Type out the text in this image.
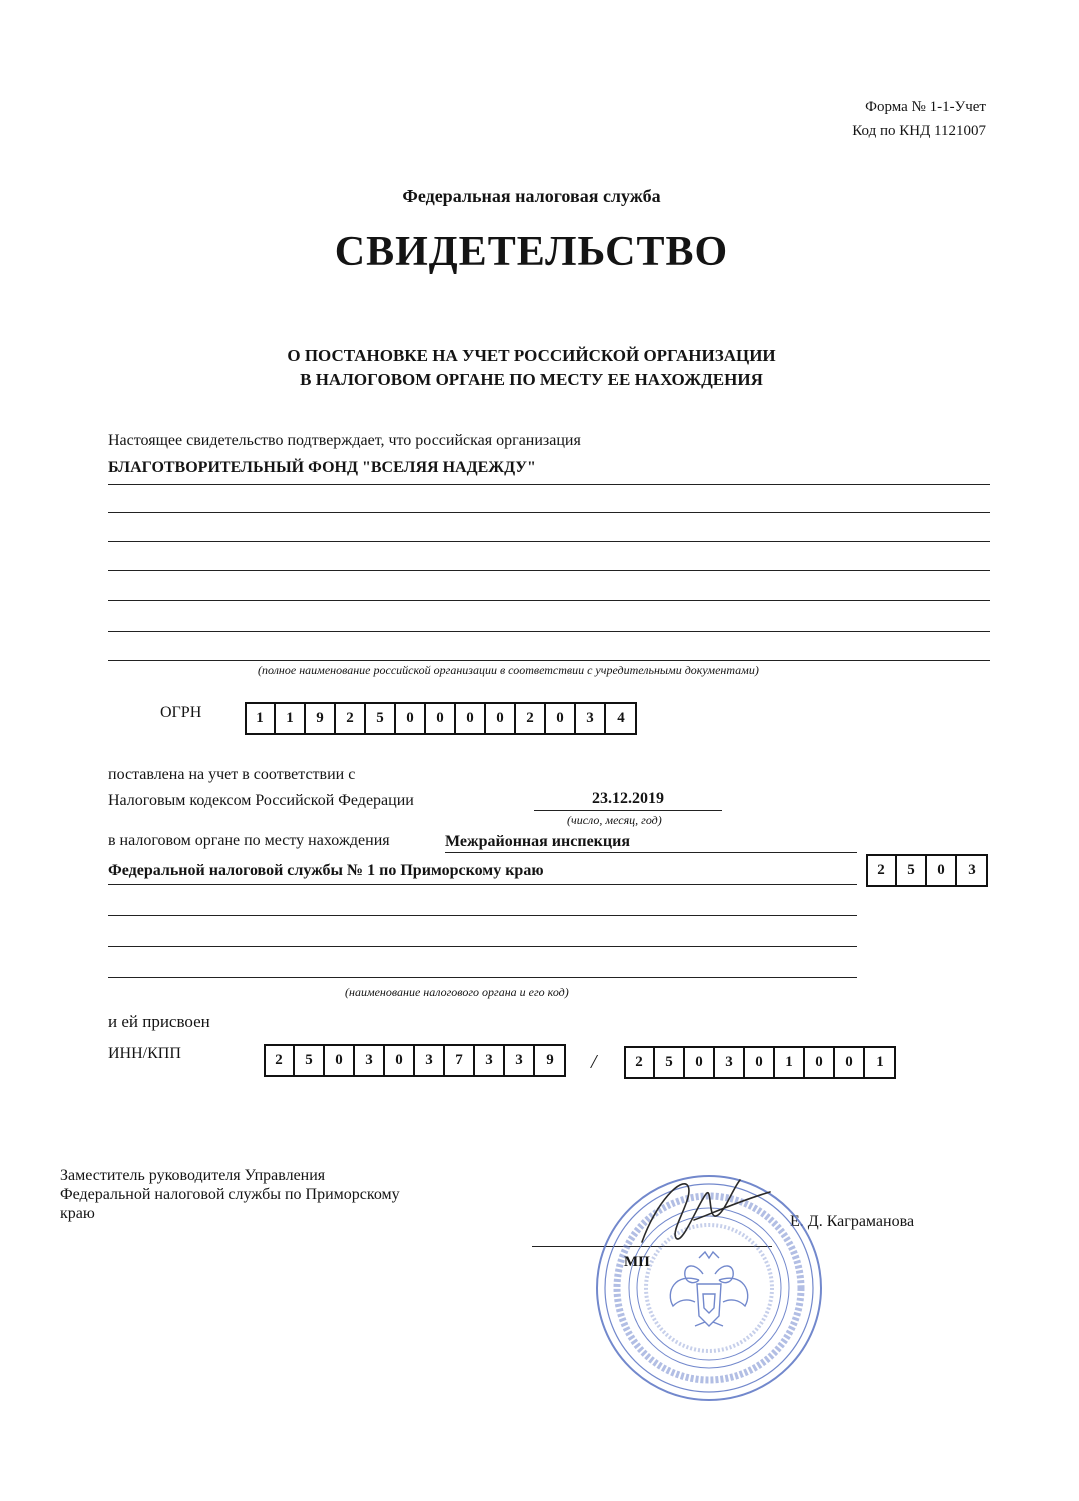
Форма № 1-1-Учет
Код по КНД 1121007
Федеральная налоговая служба
СВИДЕТЕЛЬСТВО
О ПОСТАНОВКЕ НА УЧЕТ РОССИЙСКОЙ ОРГАНИЗАЦИИ
В НАЛОГОВОМ ОРГАНЕ ПО МЕСТУ ЕЕ НАХОЖДЕНИЯ
Настоящее свидетельство подтверждает, что российская организация
БЛАГОТВОРИТЕЛЬНЫЙ ФОНД "ВСЕЛЯЯ НАДЕЖДУ"
(полное наименование российской организации в соответствии с учредительными документами)
ОГРН	1	1	9	2	5	0	0	0	0	2	0	3	4
поставлена на учет в соответствии с
Налоговым кодексом Российской Федерации	23.12.2019
(число, месяц, год)
в налоговом органе по месту нахождения	Межрайонная инспекция
Федеральной налоговой службы № 1 по Приморскому краю	2	5	0	3
(наименование налогового органа и его код)
и ей присвоен
ИНН/КПП	2	5	0	3	0	3	7	3	3	9	/	2	5	0	3	0	1	0	0	1
Заместитель руководителя Управления
Федеральной налоговой службы по Приморскому
краю	Е. Д. Каграманова
МП
